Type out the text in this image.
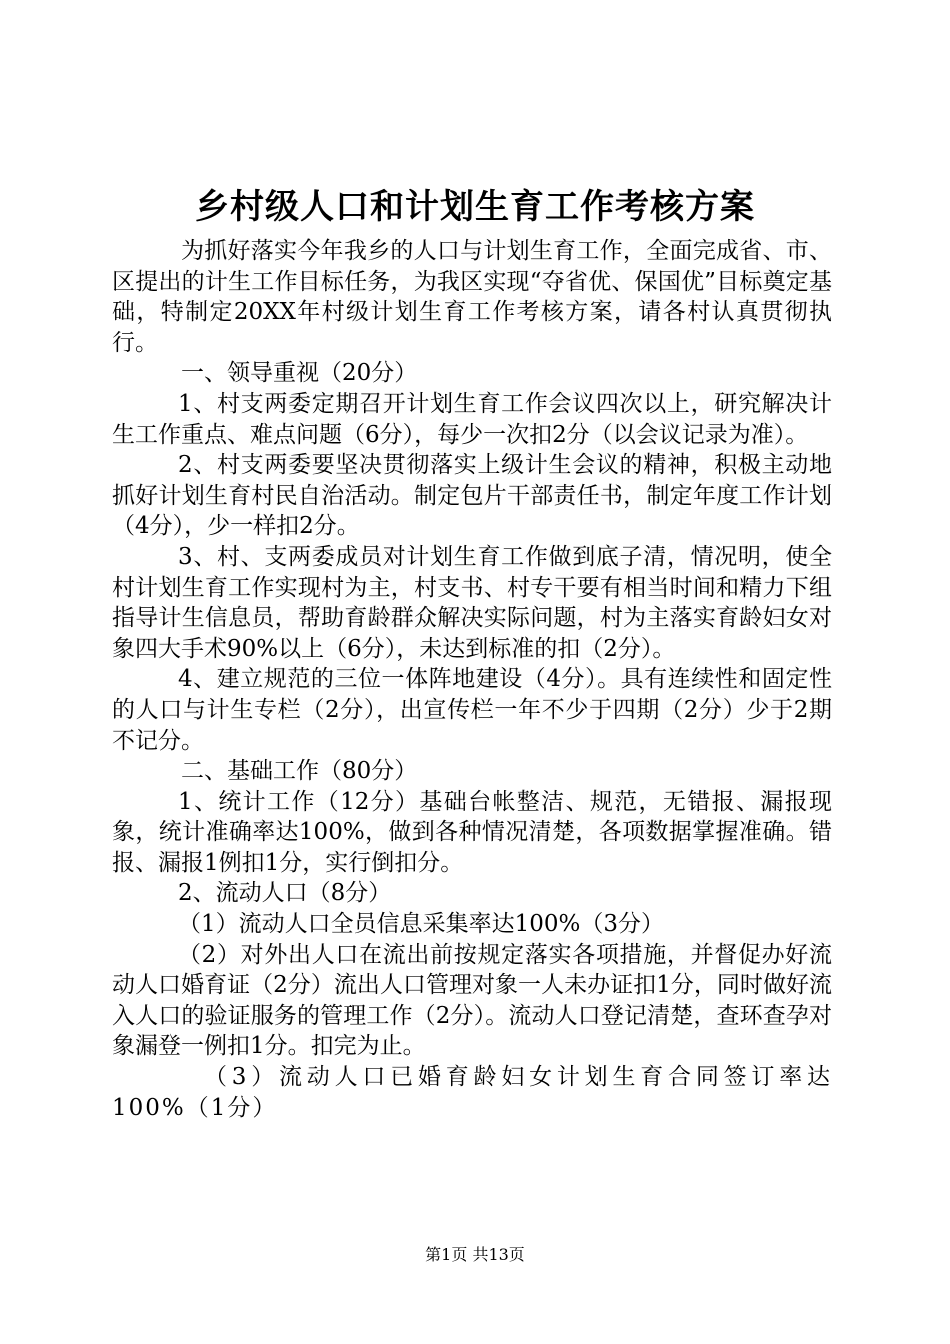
乡村级人口和计划生育工作考核方案

为抓好落实今年我乡的人口与计划生育工作，全面完成省、市、区提出的计生工作目标任务，为我区实现“夺省优、保国优”目标奠定基础，特制定20XX年村级计划生育工作考核方案，请各村认真贯彻执行。

一、领导重视（20分）

1、村支两委定期召开计划生育工作会议四次以上，研究解决计生工作重点、难点问题（6分），每少一次扣2分（以会议记录为准）。

2、村支两委要坚决贯彻落实上级计生会议的精神，积极主动地抓好计划生育村民自治活动。制定包片干部责任书，制定年度工作计划（4分），少一样扣2分。

3、村、支两委成员对计划生育工作做到底子清，情况明，使全村计划生育工作实现村为主，村支书、村专干要有相当时间和精力下组指导计生信息员，帮助育龄群众解决实际问题，村为主落实育龄妇女对象四大手术90%以上（6分），未达到标准的扣（2分）。

4、建立规范的三位一体阵地建设（4分）。具有连续性和固定性的人口与计生专栏（2分），出宣传栏一年不少于四期（2分）少于2期不记分。

二、基础工作（80分）

1、统计工作（12分）基础台帐整洁、规范，无错报、漏报现象，统计准确率达100%，做到各种情况清楚，各项数据掌握准确。错报、漏报1例扣1分，实行倒扣分。

2、流动人口（8分）

（1）流动人口全员信息采集率达100%（3分）

（2）对外出人口在流出前按规定落实各项措施，并督促办好流动人口婚育证（2分）流出人口管理对象一人未办证扣1分，同时做好流入人口的验证服务的管理工作（2分）。流动人口登记清楚，查环查孕对象漏登一例扣1分。扣完为止。

（3）流动人口已婚育龄妇女计划生育合同签订率达100%（1分）

第1页 共13页
